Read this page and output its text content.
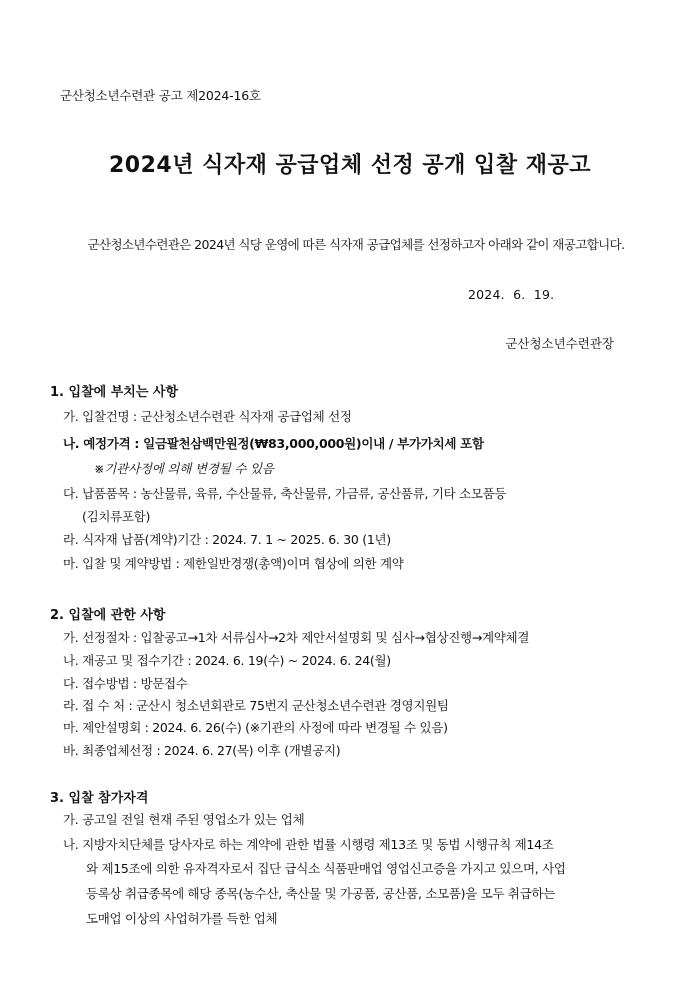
군산청소년수련관 공고 제2024-16호
2024년 식자재 공급업체 선정 공개 입찰 재공고
군산청소년수련관은 2024년 식당 운영에 따른 식자재 공급업체를 선정하고자 아래와 같이 재공고합니다.
2024.  6.  19.
군산청소년수련관장
1. 입찰에 부치는 사항
가. 입찰건명 : 군산청소년수련관 식자재 공급업체 선정
나. 예정가격 : 일금팔천삼백만원정(₩83,000,000원)이내 / 부가가치세 포함
※기관사정에 의해 변경될 수 있음
다. 납품품목 : 농산물류, 육류, 수산물류, 축산물류, 가금류, 공산품류, 기타 소모품등
(김치류포함)
라. 식자재 납품(계약)기간 : 2024. 7. 1 ~ 2025. 6. 30 (1년)
마. 입찰 및 계약방법 : 제한일반경쟁(총액)이며 협상에 의한 계약
2. 입찰에 관한 사항
가. 선정절차 : 입찰공고→1차 서류심사→2차 제안서설명회 및 심사→협상진행→계약체결
나. 재공고 및 접수기간 : 2024. 6. 19(수) ~ 2024. 6. 24(월)
다. 접수방법 : 방문접수
라. 접 수 처 : 군산시 청소년회관로 75번지 군산청소년수련관 경영지원팀
마. 제안설명회 : 2024. 6. 26(수) (※기관의 사정에 따라 변경될 수 있음)
바. 최종업체선정 : 2024. 6. 27(목) 이후 (개별공지)
3. 입찰 참가자격
가. 공고일 전일 현재 주된 영업소가 있는 업체
나. 지방자치단체를 당사자로 하는 계약에 관한 법률 시행령 제13조 및 동법 시행규칙 제14조
와 제15조에 의한 유자격자로서 집단 급식소 식품판매업 영업신고증을 가지고 있으며, 사업
등록상 취급종목에 해당 종목(농수산, 축산물 및 가공품, 공산품, 소모품)을 모두 취급하는
도매업 이상의 사업허가를 득한 업체
